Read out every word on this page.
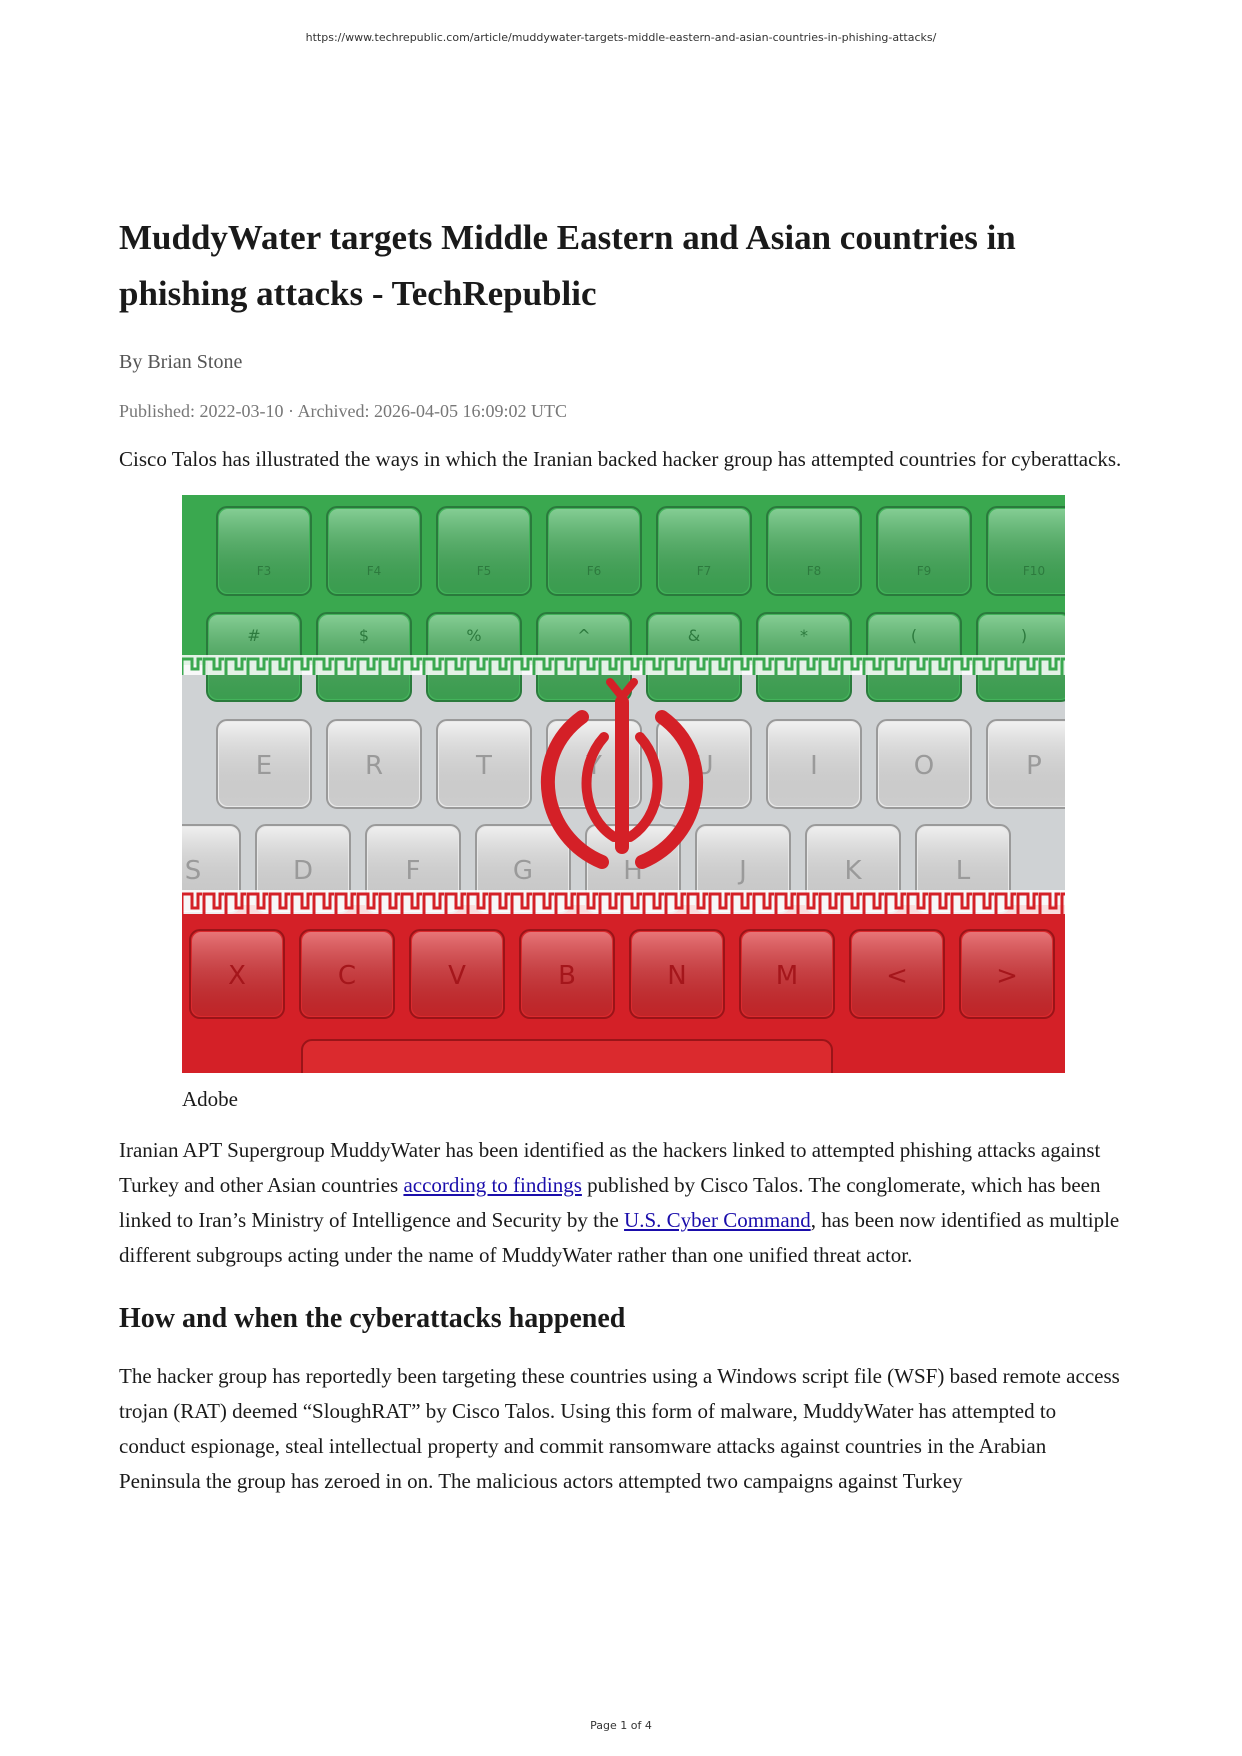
https://www.techrepublic.com/article/muddywater-targets-middle-eastern-and-asian-countries-in-phishing-attacks/
MuddyWater targets Middle Eastern and Asian countries in phishing attacks - TechRepublic
By Brian Stone
Published: 2022-03-10 · Archived: 2026-04-05 16:09:02 UTC
Cisco Talos has illustrated the ways in which the Iranian backed hacker group has attempted countries for cyberattacks.
F3	F4	F5	F6	F7	F8	F9	F10
#	$	%	^	&	*	(	)
E	R	T	Y	U	I	O	P
S	D	F	G	H	J	K	L
X	C	V	B	N	M	<	>
Adobe

Iranian APT Supergroup MuddyWater has been identified as the hackers linked to attempted phishing attacks against Turkey and other Asian countries according to findings published by Cisco Talos. The conglomerate, which has been linked to Iran’s Ministry of Intelligence and Security by the U.S. Cyber Command, has been now identified as multiple different subgroups acting under the name of MuddyWater rather than one unified threat actor.

How and when the cyberattacks happened

The hacker group has reportedly been targeting these countries using a Windows script file (WSF) based remote access trojan (RAT) deemed “SloughRAT” by Cisco Talos. Using this form of malware, MuddyWater has attempted to conduct espionage, steal intellectual property and commit ransomware attacks against countries in the Arabian Peninsula the group has zeroed in on. The malicious actors attempted two campaigns against Turkey

Page 1 of 4
